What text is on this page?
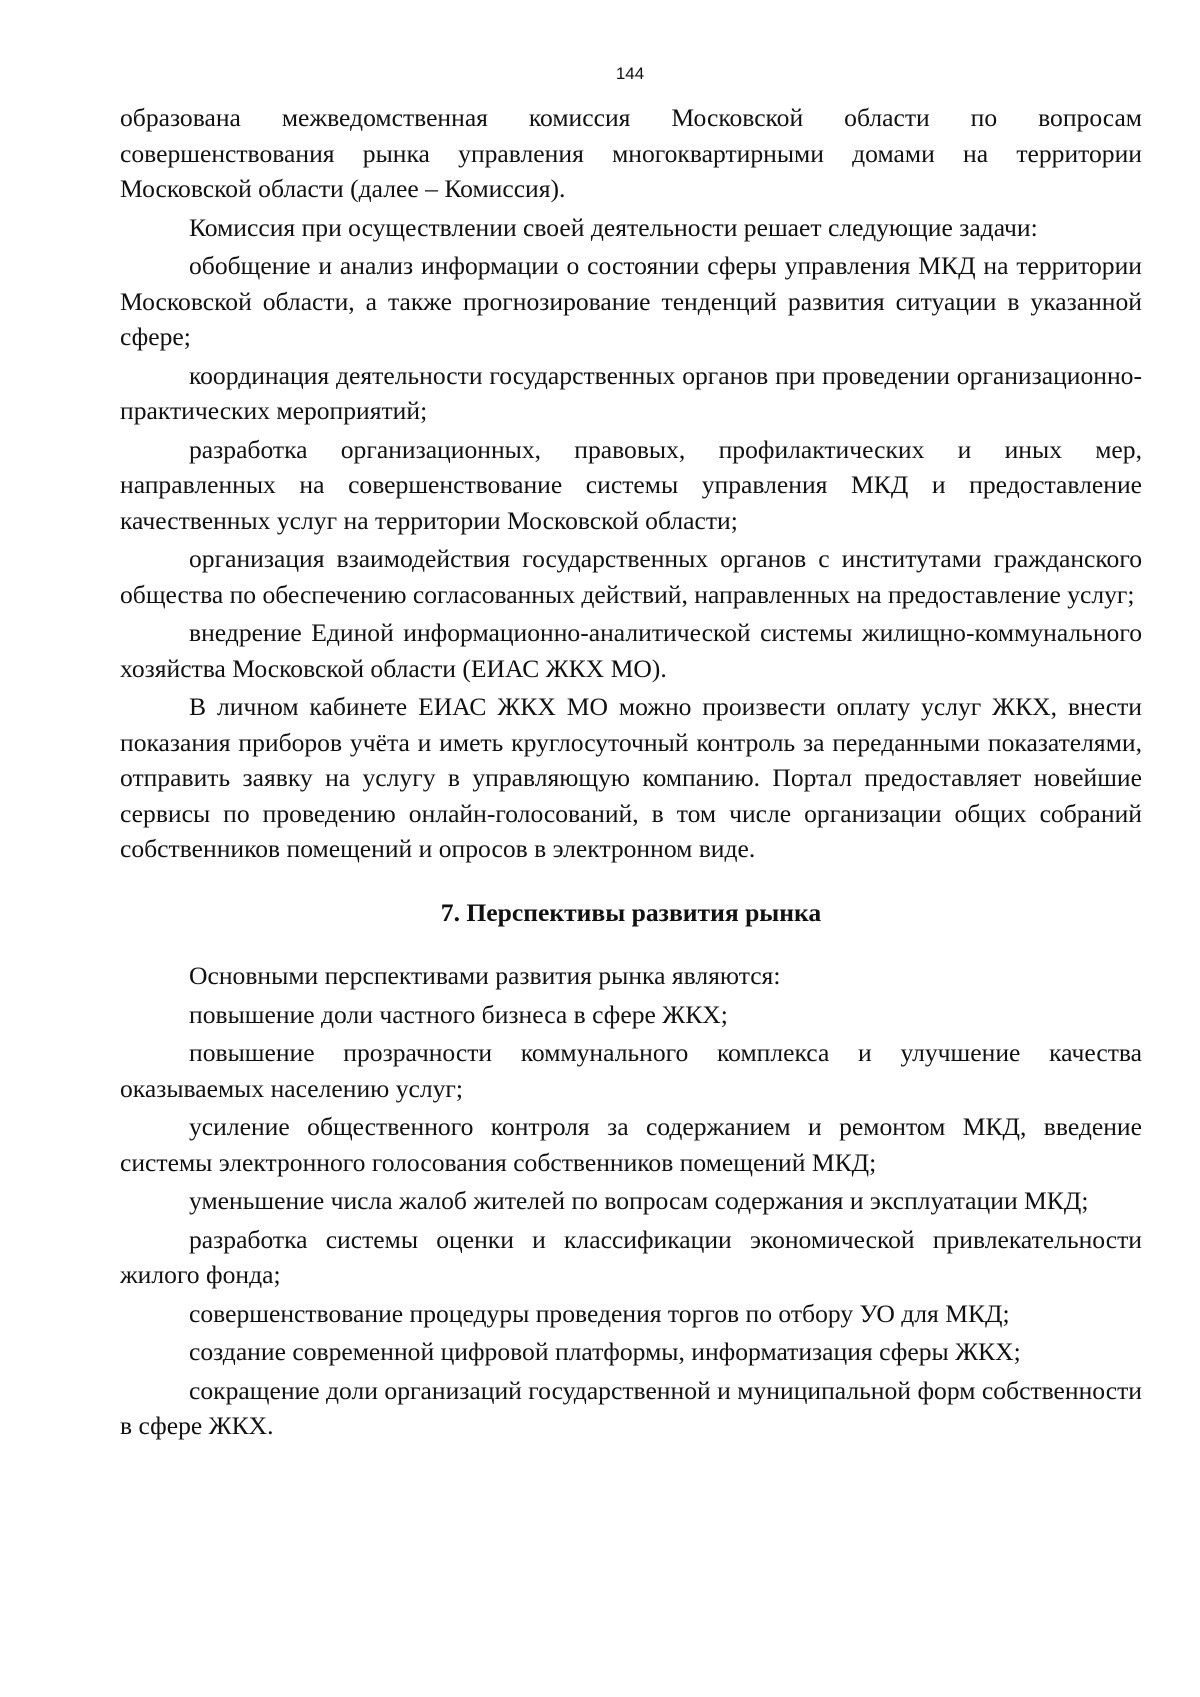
144

образована межведомственная комиссия Московской области по вопросам совершенствования рынка управления многоквартирными домами на территории Московской области (далее – Комиссия).

Комиссия при осуществлении своей деятельности решает следующие задачи:

обобщение и анализ информации о состоянии сферы управления МКД на территории Московской области, а также прогнозирование тенденций развития ситуации в указанной сфере;

координация деятельности государственных органов при проведении организационно-практических мероприятий;

разработка организационных, правовых, профилактических и иных мер, направленных на совершенствование системы управления МКД и предоставление качественных услуг на территории Московской области;

организация взаимодействия государственных органов с институтами гражданского общества по обеспечению согласованных действий, направленных на предоставление услуг;

внедрение Единой информационно-аналитической системы жилищно-коммунального хозяйства Московской области (ЕИАС ЖКХ МО).

В личном кабинете ЕИАС ЖКХ МО можно произвести оплату услуг ЖКХ, внести показания приборов учёта и иметь круглосуточный контроль за переданными показателями, отправить заявку на услугу в управляющую компанию. Портал предоставляет новейшие сервисы по проведению онлайн-голосований, в том числе организации общих собраний собственников помещений и опросов в электронном виде.

7. Перспективы развития рынка

Основными перспективами развития рынка являются:

повышение доли частного бизнеса в сфере ЖКХ;

повышение прозрачности коммунального комплекса и улучшение качества оказываемых населению услуг;

усиление общественного контроля за содержанием и ремонтом МКД, введение системы электронного голосования собственников помещений МКД;

уменьшение числа жалоб жителей по вопросам содержания и эксплуатации МКД;

разработка системы оценки и классификации экономической привлекательности жилого фонда;

совершенствование процедуры проведения торгов по отбору УО для МКД;

создание современной цифровой платформы, информатизация сферы ЖКХ;

сокращение доли организаций государственной и муниципальной форм собственности в сфере ЖКХ.
